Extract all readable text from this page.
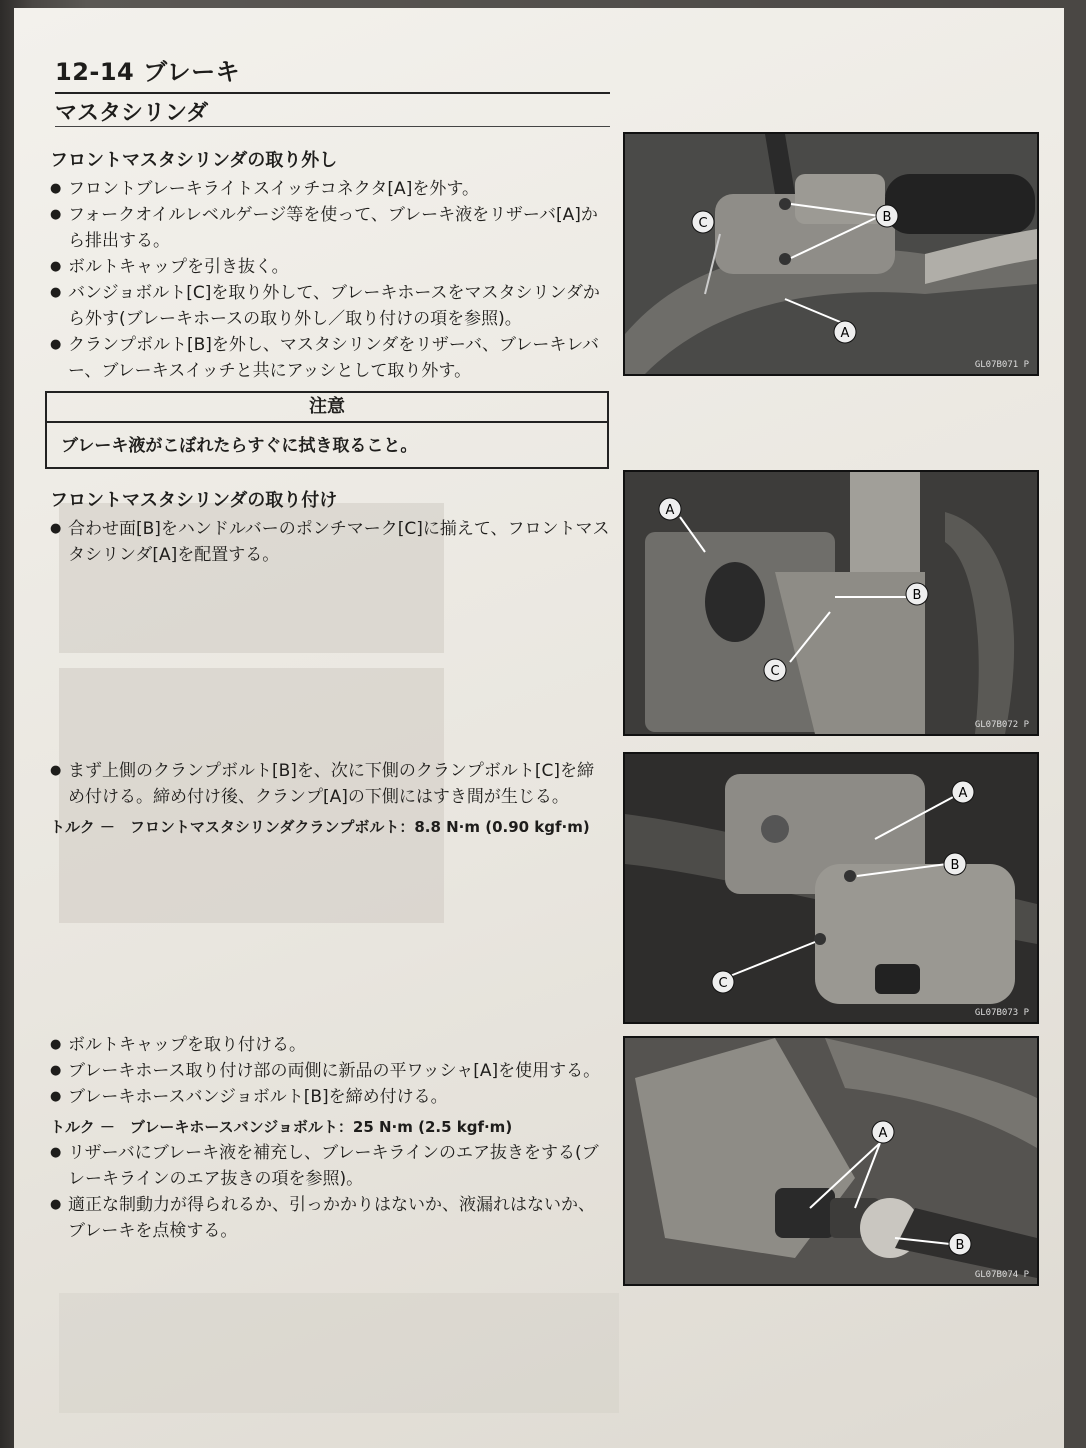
12-14 ブレーキ
マスタシリンダ
フロントマスタシリンダの取り外し
● フロントブレーキライトスイッチコネクタ[A]を外す。
● フォークオイルレベルゲージ等を使って、ブレーキ液をリザーバ[A]から排出する。
● ボルトキャップを引き抜く。
● バンジョボルト[C]を取り外して、ブレーキホースをマスタシリンダから外す(ブレーキホースの取り外し／取り付けの項を参照)。
● クランプボルト[B]を外し、マスタシリンダをリザーバ、ブレーキレバー、ブレーキスイッチと共にアッシとして取り外す。
注意
ブレーキ液がこぼれたらすぐに拭き取ること。
フロントマスタシリンダの取り付け
● 合わせ面[B]をハンドルバーのポンチマーク[C]に揃えて、フロントマスタシリンダ[A]を配置する。
● まず上側のクランプボルト[B]を、次に下側のクランプボルト[C]を締め付ける。締め付け後、クランプ[A]の下側にはすき間が生じる。
トルク －　フロントマスタシリンダクランプボルト：8.8 N·m (0.90 kgf·m)
● ボルトキャップを取り付ける。
● ブレーキホース取り付け部の両側に新品の平ワッシャ[A]を使用する。
● ブレーキホースバンジョボルト[B]を締め付ける。
トルク －　ブレーキホースバンジョボルト：25 N·m (2.5 kgf·m)
● リザーバにブレーキ液を補充し、ブレーキラインのエア抜きをする(ブレーキラインのエア抜きの項を参照)。
● 適正な制動力が得られるか、引っかかりはないか、液漏れはないか、ブレーキを点検する。
C	B
A
GL07B071 P
A
B
C
GL07B072 P
A
B
C
GL07B073 P
A
B
GL07B074 P
